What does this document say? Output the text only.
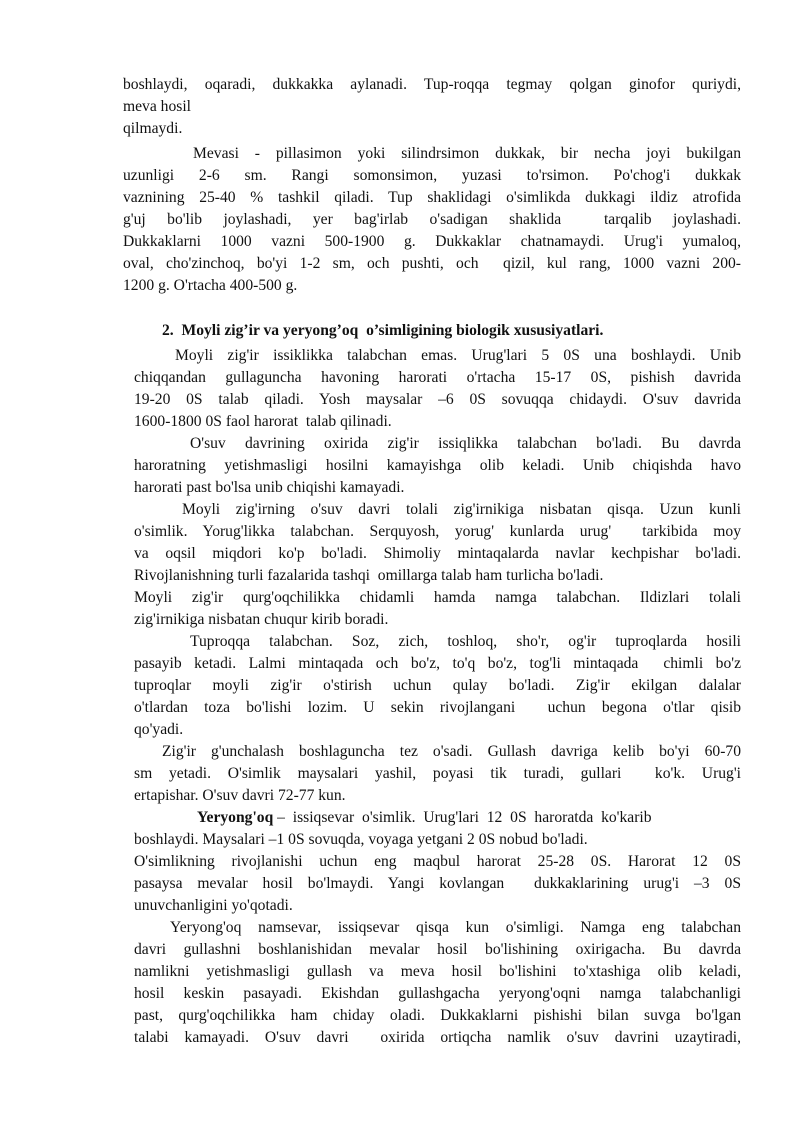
boshlaydi, oqaradi, dukkakka aylanadi. Tup-roqqa tegmay qolgan ginofor quriydi,
meva hosil
qilmaydi.
Mevasi - pillasimon yoki silindrsimon dukkak, bir necha joyi bukilgan
uzunligi  2-6  sm.  Rangi  somonsimon,  yuzasi  to'rsimon.  Po'chog'i  dukkak
vaznining 25-40 % tashkil qiladi. Tup shaklidagi o'simlikda dukkagi ildiz atrofida
g'uj  bo'lib  joylashadi,  yer  bag'irlab  o'sadigan  shaklida    tarqalib  joylashadi.
Dukkaklarni  1000  vazni  500-1900  g.  Dukkaklar  chatnamaydi.  Urug'i  yumaloq,
oval, cho'zinchoq, bo'yi 1-2 sm, och pushti, och  qizil, kul rang, 1000 vazni 200-
1200 g. O'rtacha 400-500 g.
2.  Moyli zig’ir va yeryong’oq  o’simligining biologik xususiyatlari.
Moyli zig'ir issiklikka talabchan emas. Urug'lari 5 0S una boshlaydi. Unib
chiqqandan  gullaguncha  havoning  harorati  o'rtacha  15-17  0S,  pishish  davrida
19-20  0S  talab  qiladi.  Yosh  maysalar  –6  0S  sovuqqa  chidaydi.  O'suv  davrida
1600-1800 0S faol harorat  talab qilinadi.
O'suv  davrining  oxirida  zig'ir  issiqlikka  talabchan  bo'ladi.  Bu  davrda
haroratning  yetishmasligi  hosilni  kamayishga  olib  keladi.  Unib  chiqishda  havo
harorati past bo'lsa unib chiqishi kamayadi.
Moyli zig'irning o'suv davri tolali zig'irnikiga nisbatan qisqa. Uzun kunli
o'simlik. Yorug'likka talabchan. Serquyosh, yorug' kunlarda urug'  tarkibida moy
va oqsil miqdori ko'p bo'ladi. Shimoliy mintaqalarda navlar kechpishar bo'ladi.
Rivojlanishning turli fazalarida tashqi  omillarga talab ham turlicha bo'ladi.
Moyli  zig'ir  qurg'oqchilikka  chidamli  hamda  namga  talabchan.  Ildizlari  tolali
zig'irnikiga nisbatan chuqur kirib boradi.
Tuproqqa  talabchan.  Soz,  zich,  toshloq,  sho'r,  og'ir  tuproqlarda  hosili
pasayib ketadi. Lalmi mintaqada och bo'z, to'q bo'z, tog'li mintaqada  chimli bo'z
tuproqlar  moyli  zig'ir  o'stirish  uchun  qulay  bo'ladi.  Zig'ir  ekilgan  dalalar
o'tlardan  toza  bo'lishi  lozim.  U  sekin  rivojlangani    uchun  begona  o'tlar  qisib
qo'yadi.
Zig'ir g'unchalash boshlaguncha tez o'sadi. Gullash davriga kelib bo'yi 60-70
sm  yetadi.  O'simlik  maysalari  yashil,  poyasi  tik  turadi,  gullari    ko'k.  Urug'i
ertapishar. O'suv davri 72-77 kun.
Yeryong'oq –  issiqsevar  o'simlik.  Urug'lari  12  0S  haroratda  ko'karib
boshlaydi. Maysalari –1 0S sovuqda, voyaga yetgani 2 0S nobud bo'ladi.
O'simlikning  rivojlanishi  uchun  eng  maqbul  harorat  25-28  0S.  Harorat  12  0S
pasaysa mevalar hosil bo'lmaydi. Yangi kovlangan  dukkaklarining urug'i –3 0S
unuvchanligini yo'qotadi.
Yeryong'oq namsevar, issiqsevar qisqa kun o'simligi. Namga eng talabchan
davri gullashni boshlanishidan mevalar hosil bo'lishining oxirigacha. Bu davrda
namlikni yetishmasligi gullash va meva hosil bo'lishini to'xtashiga olib keladi,
hosil keskin pasayadi. Ekishdan gullashgacha yeryong'oqni namga talabchanligi
past, qurg'oqchilikka ham chiday oladi. Dukkaklarni pishishi bilan suvga bo'lgan
talabi kamayadi. O'suv davri  oxirida ortiqcha namlik o'suv davrini uzaytiradi,
